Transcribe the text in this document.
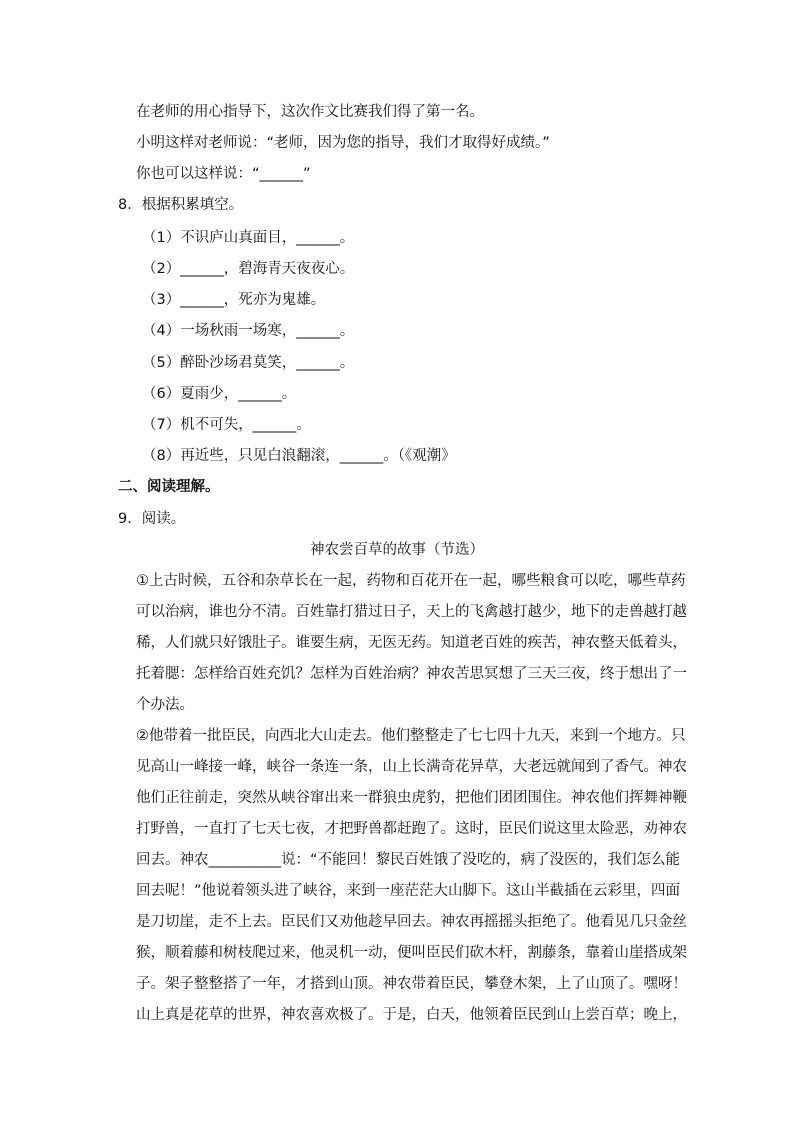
在老师的用心指导下，这次作文比赛我们得了第一名。
小明这样对老师说：“老师，因为您的指导，我们才取得好成绩。”
你也可以这样说：“______”
8．根据积累填空。
（1）不识庐山真面目，______。
（2）______，碧海青天夜夜心。
（3）______，死亦为鬼雄。
（4）一场秋雨一场寒，______。
（5）醉卧沙场君莫笑，______。
（6）夏雨少，______。
（7）机不可失，______。
（8）再近些，只见白浪翻滚，______。（《观潮》
二、阅读理解。
9．阅读。
神农尝百草的故事（节选）
①上古时候，五谷和杂草长在一起，药物和百花开在一起，哪些粮食可以吃，哪些草药
可以治病，谁也分不清。百姓靠打猎过日子，天上的飞禽越打越少，地下的走兽越打越
稀，人们就只好饿肚子。谁要生病，无医无药。知道老百姓的疾苦，神农整天低着头，
托着腮：怎样给百姓充饥？怎样为百姓治病？神农苦思冥想了三天三夜，终于想出了一
个办法。
②他带着一批臣民，向西北大山走去。他们整整走了七七四十九天，来到一个地方。只
见高山一峰接一峰，峡谷一条连一条，山上长满奇花异草，大老远就闻到了香气。神农
他们正往前走，突然从峡谷窜出来一群狼虫虎豹，把他们团团围住。神农他们挥舞神鞭
打野兽，一直打了七天七夜，才把野兽都赶跑了。这时，臣民们说这里太险恶，劝神农
回去。神农__________说：“不能回！黎民百姓饿了没吃的，病了没医的，我们怎么能
回去呢！”他说着领头进了峡谷，来到一座茫茫大山脚下。这山半截插在云彩里，四面
是刀切崖，走不上去。臣民们又劝他趁早回去。神农再摇摇头拒绝了。他看见几只金丝
猴，顺着藤和树枝爬过来，他灵机一动，便叫臣民们砍木杆，割藤条，靠着山崖搭成架
子。架子整整搭了一年，才搭到山顶。神农带着臣民，攀登木架，上了山顶了。嘿呀！
山上真是花草的世界，神农喜欢极了。于是，白天，他领着臣民到山上尝百草；晚上，
